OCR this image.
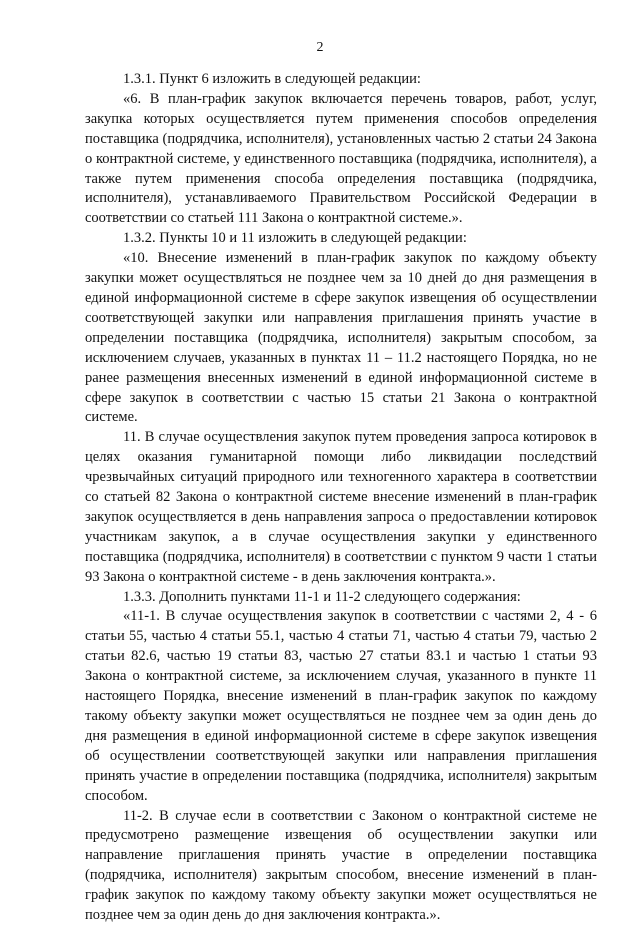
2

1.3.1. Пункт 6 изложить в следующей редакции:

«6. В план-график закупок включается перечень товаров, работ, услуг, закупка которых осуществляется путем применения способов определения поставщика (подрядчика, исполнителя), установленных частью 2 статьи 24 Закона о контрактной системе, у единственного поставщика (подрядчика, исполнителя), а также путем применения способа определения поставщика (подрядчика, исполнителя), устанавливаемого Правительством Российской Федерации в соответствии со статьей 111 Закона о контрактной системе.».

1.3.2. Пункты 10 и 11 изложить в следующей редакции:

«10. Внесение изменений в план-график закупок по каждому объекту закупки может осуществляться не позднее чем за 10 дней до дня размещения в единой информационной системе в сфере закупок извещения об осуществлении соответствующей закупки или направления приглашения принять участие в определении поставщика (подрядчика, исполнителя) закрытым способом, за исключением случаев, указанных в пунктах 11 – 11.2 настоящего Порядка, но не ранее размещения внесенных изменений в единой информационной системе в сфере закупок в соответствии с частью 15 статьи 21 Закона о контрактной системе.

11. В случае осуществления закупок путем проведения запроса котировок в целях оказания гуманитарной помощи либо ликвидации последствий чрезвычайных ситуаций природного или техногенного характера в соответствии со статьей 82 Закона о контрактной системе внесение изменений в план-график закупок осуществляется в день направления запроса о предоставлении котировок участникам закупок, а в случае осуществления закупки у единственного поставщика (подрядчика, исполнителя) в соответствии с пунктом 9 части 1 статьи 93 Закона о контрактной системе - в день заключения контракта.».

1.3.3. Дополнить пунктами 11-1 и 11-2 следующего содержания:

«11-1. В случае осуществления закупок в соответствии с частями 2, 4 - 6 статьи 55, частью 4 статьи 55.1, частью 4 статьи 71, частью 4 статьи 79, частью 2 статьи 82.6, частью 19 статьи 83, частью 27 статьи 83.1 и частью 1 статьи 93 Закона о контрактной системе, за исключением случая, указанного в пункте 11 настоящего Порядка, внесение изменений в план-график закупок по каждому такому объекту закупки может осуществляться не позднее чем за один день до дня размещения в единой информационной системе в сфере закупок извещения об осуществлении соответствующей закупки или направления приглашения принять участие в определении поставщика (подрядчика, исполнителя) закрытым способом.

11-2. В случае если в соответствии с Законом о контрактной системе не предусмотрено размещение извещения об осуществлении закупки или направление приглашения принять участие в определении поставщика (подрядчика, исполнителя) закрытым способом, внесение изменений в план-график закупок по каждому такому объекту закупки может осуществляться не позднее чем за один день до дня заключения контракта.».
